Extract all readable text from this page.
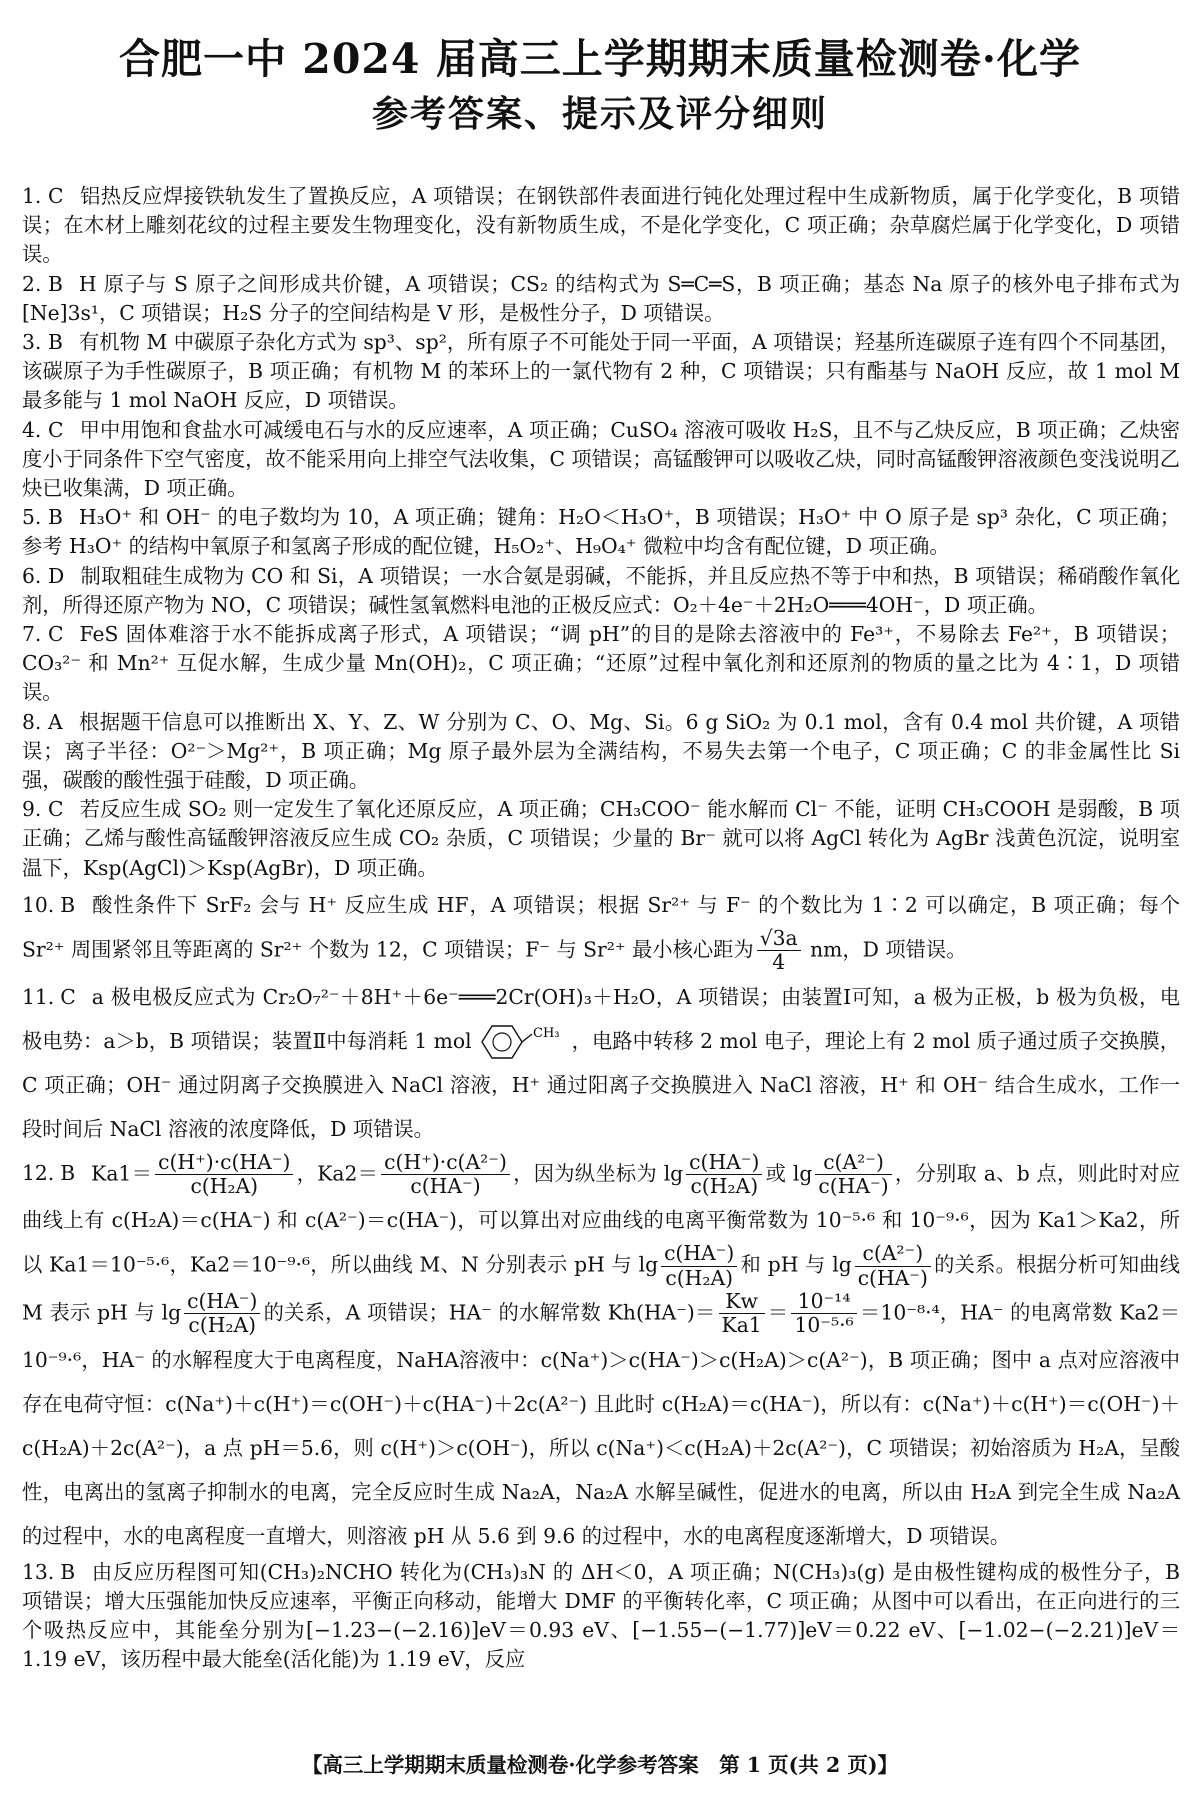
合肥一中 2024 届高三上学期期末质量检测卷·化学
参考答案、提示及评分细则
1. C 铝热反应焊接铁轨发生了置换反应，A 项错误；在钢铁部件表面进行钝化处理过程中生成新物质，属于化学变化，B 项错误；在木材上雕刻花纹的过程主要发生物理变化，没有新物质生成，不是化学变化，C 项正确；杂草腐烂属于化学变化，D 项错误。
2. B H 原子与 S 原子之间形成共价键，A 项错误；CS₂ 的结构式为 S═C═S，B 项正确；基态 Na 原子的核外电子排布式为[Ne]3s¹，C 项错误；H₂S 分子的空间结构是 V 形，是极性分子，D 项错误。
3. B 有机物 M 中碳原子杂化方式为 sp³、sp²，所有原子不可能处于同一平面，A 项错误；羟基所连碳原子连有四个不同基团，该碳原子为手性碳原子，B 项正确；有机物 M 的苯环上的一氯代物有 2 种，C 项错误；只有酯基与 NaOH 反应，故 1 mol M 最多能与 1 mol NaOH 反应，D 项错误。
4. C 甲中用饱和食盐水可减缓电石与水的反应速率，A 项正确；CuSO₄ 溶液可吸收 H₂S，且不与乙炔反应，B 项正确；乙炔密度小于同条件下空气密度，故不能采用向上排空气法收集，C 项错误；高锰酸钾可以吸收乙炔，同时高锰酸钾溶液颜色变浅说明乙炔已收集满，D 项正确。
5. B H₃O⁺ 和 OH⁻ 的电子数均为 10，A 项正确；键角：H₂O＜H₃O⁺，B 项错误；H₃O⁺ 中 O 原子是 sp³ 杂化，C 项正确；参考 H₃O⁺ 的结构中氧原子和氢离子形成的配位键，H₅O₂⁺、H₉O₄⁺ 微粒中均含有配位键，D 项正确。
6. D 制取粗硅生成物为 CO 和 Si，A 项错误；一水合氨是弱碱，不能拆，并且反应热不等于中和热，B 项错误；稀硝酸作氧化剂，所得还原产物为 NO，C 项错误；碱性氢氧燃料电池的正极反应式：O₂＋4e⁻＋2H₂O═══4OH⁻，D 项正确。
7. C FeS 固体难溶于水不能拆成离子形式，A 项错误；“调 pH”的目的是除去溶液中的 Fe³⁺，不易除去 Fe²⁺，B 项错误；CO₃²⁻ 和 Mn²⁺ 互促水解，生成少量 Mn(OH)₂，C 项正确；“还原”过程中氧化剂和还原剂的物质的量之比为 4∶1，D 项错误。
8. A 根据题干信息可以推断出 X、Y、Z、W 分别为 C、O、Mg、Si。6 g SiO₂ 为 0.1 mol，含有 0.4 mol 共价键，A 项错误；离子半径：O²⁻＞Mg²⁺，B 项正确；Mg 原子最外层为全满结构，不易失去第一个电子，C 项正确；C 的非金属性比 Si 强，碳酸的酸性强于硅酸，D 项正确。
9. C 若反应生成 SO₂ 则一定发生了氧化还原反应，A 项正确；CH₃COO⁻ 能水解而 Cl⁻ 不能，证明 CH₃COOH 是弱酸，B 项正确；乙烯与酸性高锰酸钾溶液反应生成 CO₂ 杂质，C 项错误；少量的 Br⁻ 就可以将 AgCl 转化为 AgBr 浅黄色沉淀，说明室温下，Ksp(AgCl)＞Ksp(AgBr)，D 项正确。
10. B 酸性条件下 SrF₂ 会与 H⁺ 反应生成 HF，A 项错误；根据 Sr²⁺ 与 F⁻ 的个数比为 1∶2 可以确定，B 项正确；每个 Sr²⁺ 周围紧邻且等距离的 Sr²⁺ 个数为 12，C 项错误；F⁻ 与 Sr²⁺ 最小核心距为 $\frac{√3a}{4}$ nm，D 项错误。
11. C a 极电极反应式为 Cr₂O₇²⁻＋8H⁺＋6e⁻═══2Cr(OH)₃＋H₂O，A 项错误；由装置Ⅰ可知，a 极为正极，b 极为负极，电极电势：a＞b，B 项错误；装置Ⅱ中每消耗 1 mol	CH₃ ，电路中转移 2 mol 电子，理论上有 2 mol 质子通过质子交换膜，C 项正确；OH⁻ 通过阴离子交换膜进入 NaCl 溶液，H⁺ 通过阳离子交换膜进入 NaCl 溶液，H⁺ 和 OH⁻ 结合生成水，工作一段时间后 NaCl 溶液的浓度降低，D 项错误。
12. B $Ka1= \frac{c(H^+)\cdot c(HA^-)}{\text{c(H₂A)}}$ ，$Ka2= \frac{\text{c(H⁺)·c(A²⁻)}}{c(HA^-)}$ ，因为纵坐标为 $\lg \frac{c(HA^-)}{\text{c(H₂A)}}$ 或 $\lg \frac{\text{c(A²⁻)}}{c(HA^-)}$ ，分别取 a、b 点，则此时对应曲线上有 c(H₂A)＝c(HA⁻) 和 c(A²⁻)＝c(HA⁻)，可以算出对应曲线的电离平衡常数为 10⁻⁵·⁶ 和 10⁻⁹·⁶，因为 Ka1＞Ka2，所以 Ka1＝10⁻⁵·⁶，Ka2＝10⁻⁹·⁶，所以曲线 M、N 分别表示 pH 与 $\lg \frac{c(HA^-)}{\text{c(H₂A)}}$ 和 pH 与 $\lg \frac{\text{c(A²⁻)}}{c(HA^-)}$ 的关系。根据分析可知曲线 M 表示 pH 与 $\lg \frac{c(HA^-)}{\text{c(H₂A)}}$ 的关系，A 项错误；HA⁻ 的水解常数 $Kh(HA^-)= \frac{Kw}{Ka1} = \frac{\text{10⁻¹⁴}}{\text{10⁻⁵·⁶}} =10^{-8}\cdot^4$，HA⁻ 的电离常数 Ka2＝10⁻⁹·⁶，HA⁻ 的水解程度大于电离程度，NaHA溶液中：c(Na⁺)＞c(HA⁻)＞c(H₂A)＞c(A²⁻)，B 项正确；图中 a 点对应溶液中存在电荷守恒：c(Na⁺)＋c(H⁺)＝c(OH⁻)＋c(HA⁻)＋2c(A²⁻) 且此时 c(H₂A)＝c(HA⁻)，所以有：c(Na⁺)＋c(H⁺)＝c(OH⁻)＋c(H₂A)＋2c(A²⁻)，a 点 pH＝5.6，则 c(H⁺)＞c(OH⁻)，所以 c(Na⁺)＜c(H₂A)＋2c(A²⁻)，C 项错误；初始溶质为 H₂A，呈酸性，电离出的氢离子抑制水的电离，完全反应时生成 Na₂A，Na₂A 水解呈碱性，促进水的电离，所以由 H₂A 到完全生成 Na₂A 的过程中，水的电离程度一直增大，则溶液 pH 从 5.6 到 9.6 的过程中，水的电离程度逐渐增大，D 项错误。
13. B 由反应历程图可知(CH₃)₂NCHO 转化为(CH₃)₃N 的 ΔH＜0，A 项正确；N(CH₃)₃(g) 是由极性键构成的极性分子，B 项错误；增大压强能加快反应速率，平衡正向移动，能增大 DMF 的平衡转化率，C 项正确；从图中可以看出，在正向进行的三个吸热反应中，其能垒分别为[−1.23−(−2.16)]eV＝0.93 eV、[−1.55−(−1.77)]eV＝0.22 eV、[−1.02−(−2.21)]eV＝1.19 eV，该历程中最大能垒(活化能)为 1.19 eV，反应
【高三上学期期末质量检测卷·化学参考答案　第 1 页(共 2 页)】
